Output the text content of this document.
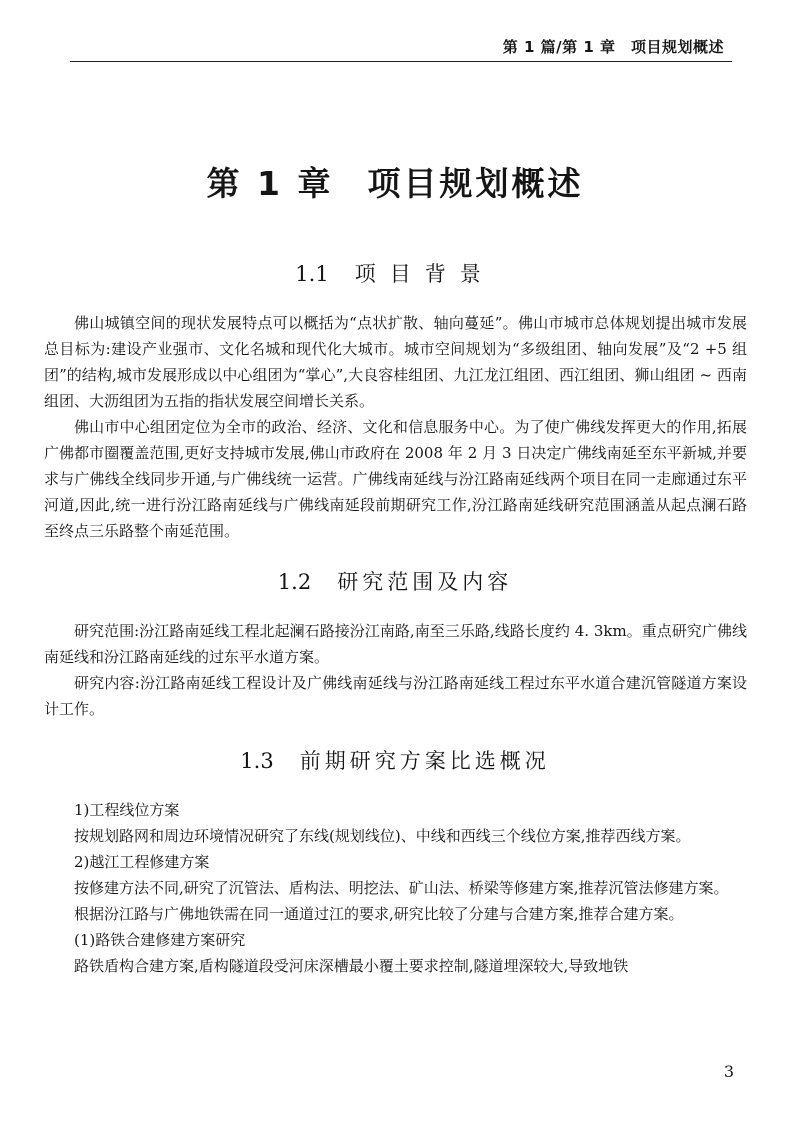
第 1 篇/第 1 章　项目规划概述
第 1 章 项目规划概述
1.1 项目背景

佛山城镇空间的现状发展特点可以概括为“点状扩散、轴向蔓延”。佛山市城市总体规划提出城市发展总目标为:建设产业强市、文化名城和现代化大城市。城市空间规划为“多级组团、轴向发展”及“2 +5 组团”的结构,城市发展形成以中心组团为“掌心”,大良容桂组团、九江龙江组团、西江组团、狮山组团 ~ 西南组团、大沥组团为五指的指状发展空间增长关系。

佛山市中心组团定位为全市的政治、经济、文化和信息服务中心。为了使广佛线发挥更大的作用,拓展广佛都市圈覆盖范围,更好支持城市发展,佛山市政府在 2008 年 2 月 3 日决定广佛线南延至东平新城,并要求与广佛线全线同步开通,与广佛线统一运营。广佛线南延线与汾江路南延线两个项目在同一走廊通过东平河道,因此,统一进行汾江路南延线与广佛线南延段前期研究工作,汾江路南延线研究范围涵盖从起点澜石路至终点三乐路整个南延范围。

1.2 研究范围及内容

研究范围:汾江路南延线工程北起澜石路接汾江南路,南至三乐路,线路长度约 4. 3km。重点研究广佛线南延线和汾江路南延线的过东平水道方案。

研究内容:汾江路南延线工程设计及广佛线南延线与汾江路南延线工程过东平水道合建沉管隧道方案设计工作。

1.3 前期研究方案比选概况

1)工程线位方案

按规划路网和周边环境情况研究了东线(规划线位)、中线和西线三个线位方案,推荐西线方案。

2)越江工程修建方案

按修建方法不同,研究了沉管法、盾构法、明挖法、矿山法、桥梁等修建方案,推荐沉管法修建方案。

根据汾江路与广佛地铁需在同一通道过江的要求,研究比较了分建与合建方案,推荐合建方案。

(1)路铁合建修建方案研究

路铁盾构合建方案,盾构隧道段受河床深槽最小覆土要求控制,隧道埋深较大,导致地铁

3
